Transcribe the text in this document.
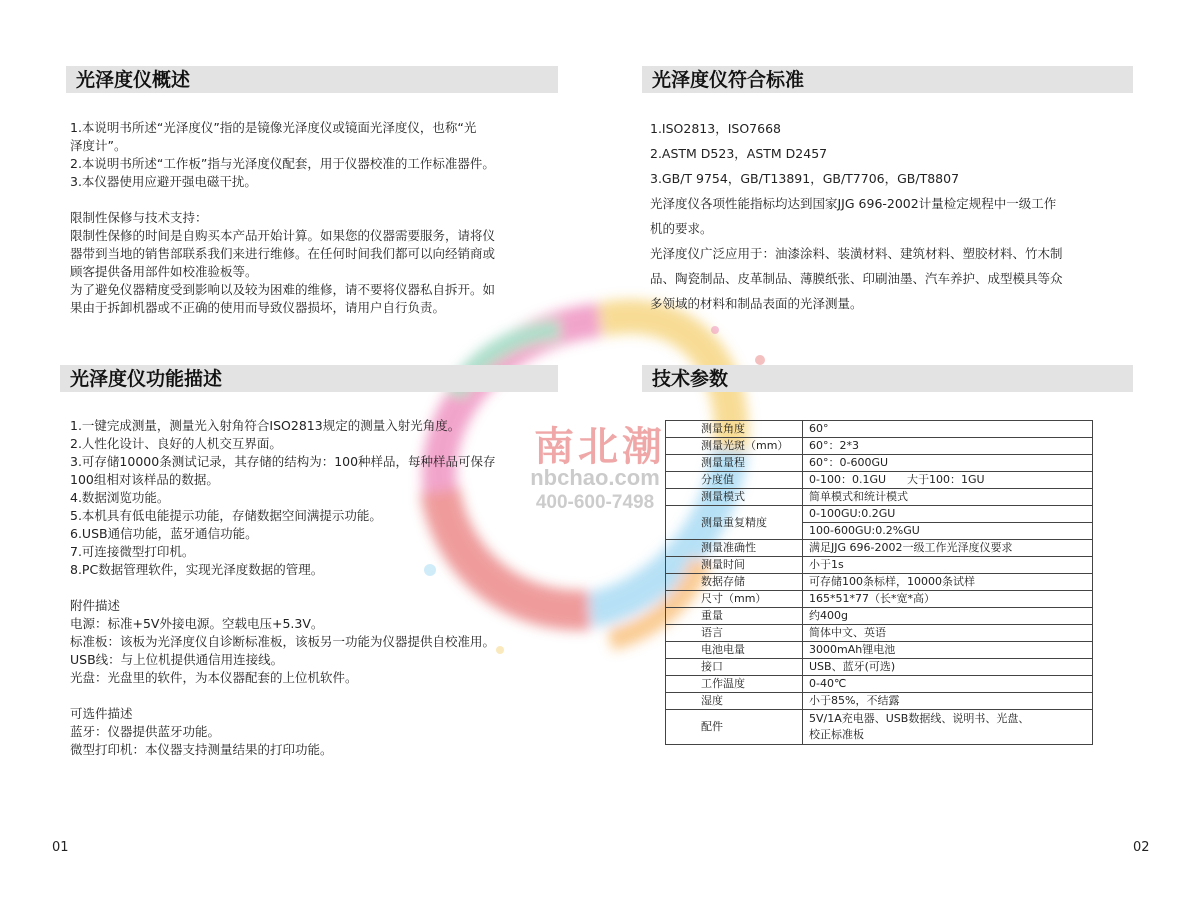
南北潮
nbchao.com
400-600-7498
光泽度仪概述

1.本说明书所述“光泽度仪”指的是镜像光泽度仪或镜面光泽度仪，也称“光

泽度计”。

2.本说明书所述“工作板”指与光泽度仪配套，用于仪器校准的工作标准器件。

3.本仪器使用应避开强电磁干扰。

限制性保修与技术支持：

限制性保修的时间是自购买本产品开始计算。如果您的仪器需要服务，请将仪

器带到当地的销售部联系我们来进行维修。在任何时间我们都可以向经销商或

顾客提供备用部件如校准验板等。

为了避免仪器精度受到影响以及较为困难的维修，请不要将仪器私自拆开。如

果由于拆卸机器或不正确的使用而导致仪器损坏，请用户自行负责。

光泽度仪功能描述

1.一键完成测量，测量光入射角符合ISO2813规定的测量入射光角度。

2.人性化设计、良好的人机交互界面。

3.可存储10000条测试记录，其存储的结构为：100种样品，每种样品可保存

100组相对该样品的数据。

4.数据浏览功能。

5.本机具有低电能提示功能，存储数据空间满提示功能。

6.USB通信功能，蓝牙通信功能。

7.可连接微型打印机。

8.PC数据管理软件，实现光泽度数据的管理。

附件描述

电源：标准+5V外接电源。空载电压+5.3V。

标准板：该板为光泽度仪自诊断标准板，该板另一功能为仪器提供自校准用。

USB线：与上位机提供通信用连接线。

光盘：光盘里的软件，为本仪器配套的上位机软件。

可选件描述

蓝牙：仪器提供蓝牙功能。

微型打印机：本仪器支持测量结果的打印功能。

01
光泽度仪符合标准

1.ISO2813，ISO7668

2.ASTM D523，ASTM D2457

3.GB/T 9754，GB/T13891，GB/T7706，GB/T8807

光泽度仪各项性能指标均达到国家JJG 696-2002计量检定规程中一级工作

机的要求。

光泽度仪广泛应用于：油漆涂料、装潢材料、建筑材料、塑胶材料、竹木制

品、陶瓷制品、皮革制品、薄膜纸张、印刷油墨、汽车养护、成型模具等众

多领域的材料和制品表面的光泽测量。

技术参数
02
测量角度	60°
测量光斑（mm）	60°：2*3
测量量程	60°：0-600GU
分度值	0-100：0.1GU      大于100：1GU
测量模式	简单模式和统计模式
测量重复精度	0-100GU:0.2GU
	100-600GU:0.2%GU
测量准确性	满足JJG 696-2002一级工作光泽度仪要求
测量时间	小于1s
数据存储	可存储100条标样，10000条试样
尺寸（mm）	165*51*77（长*宽*高）
重量	约400g
语言	简体中文、英语
电池电量	3000mAh锂电池
接口	USB、蓝牙(可选)
工作温度	0-40℃
湿度	小于85%，不结露
配件	5V/1A充电器、USB数据线、说明书、光盘、
校正标准板
